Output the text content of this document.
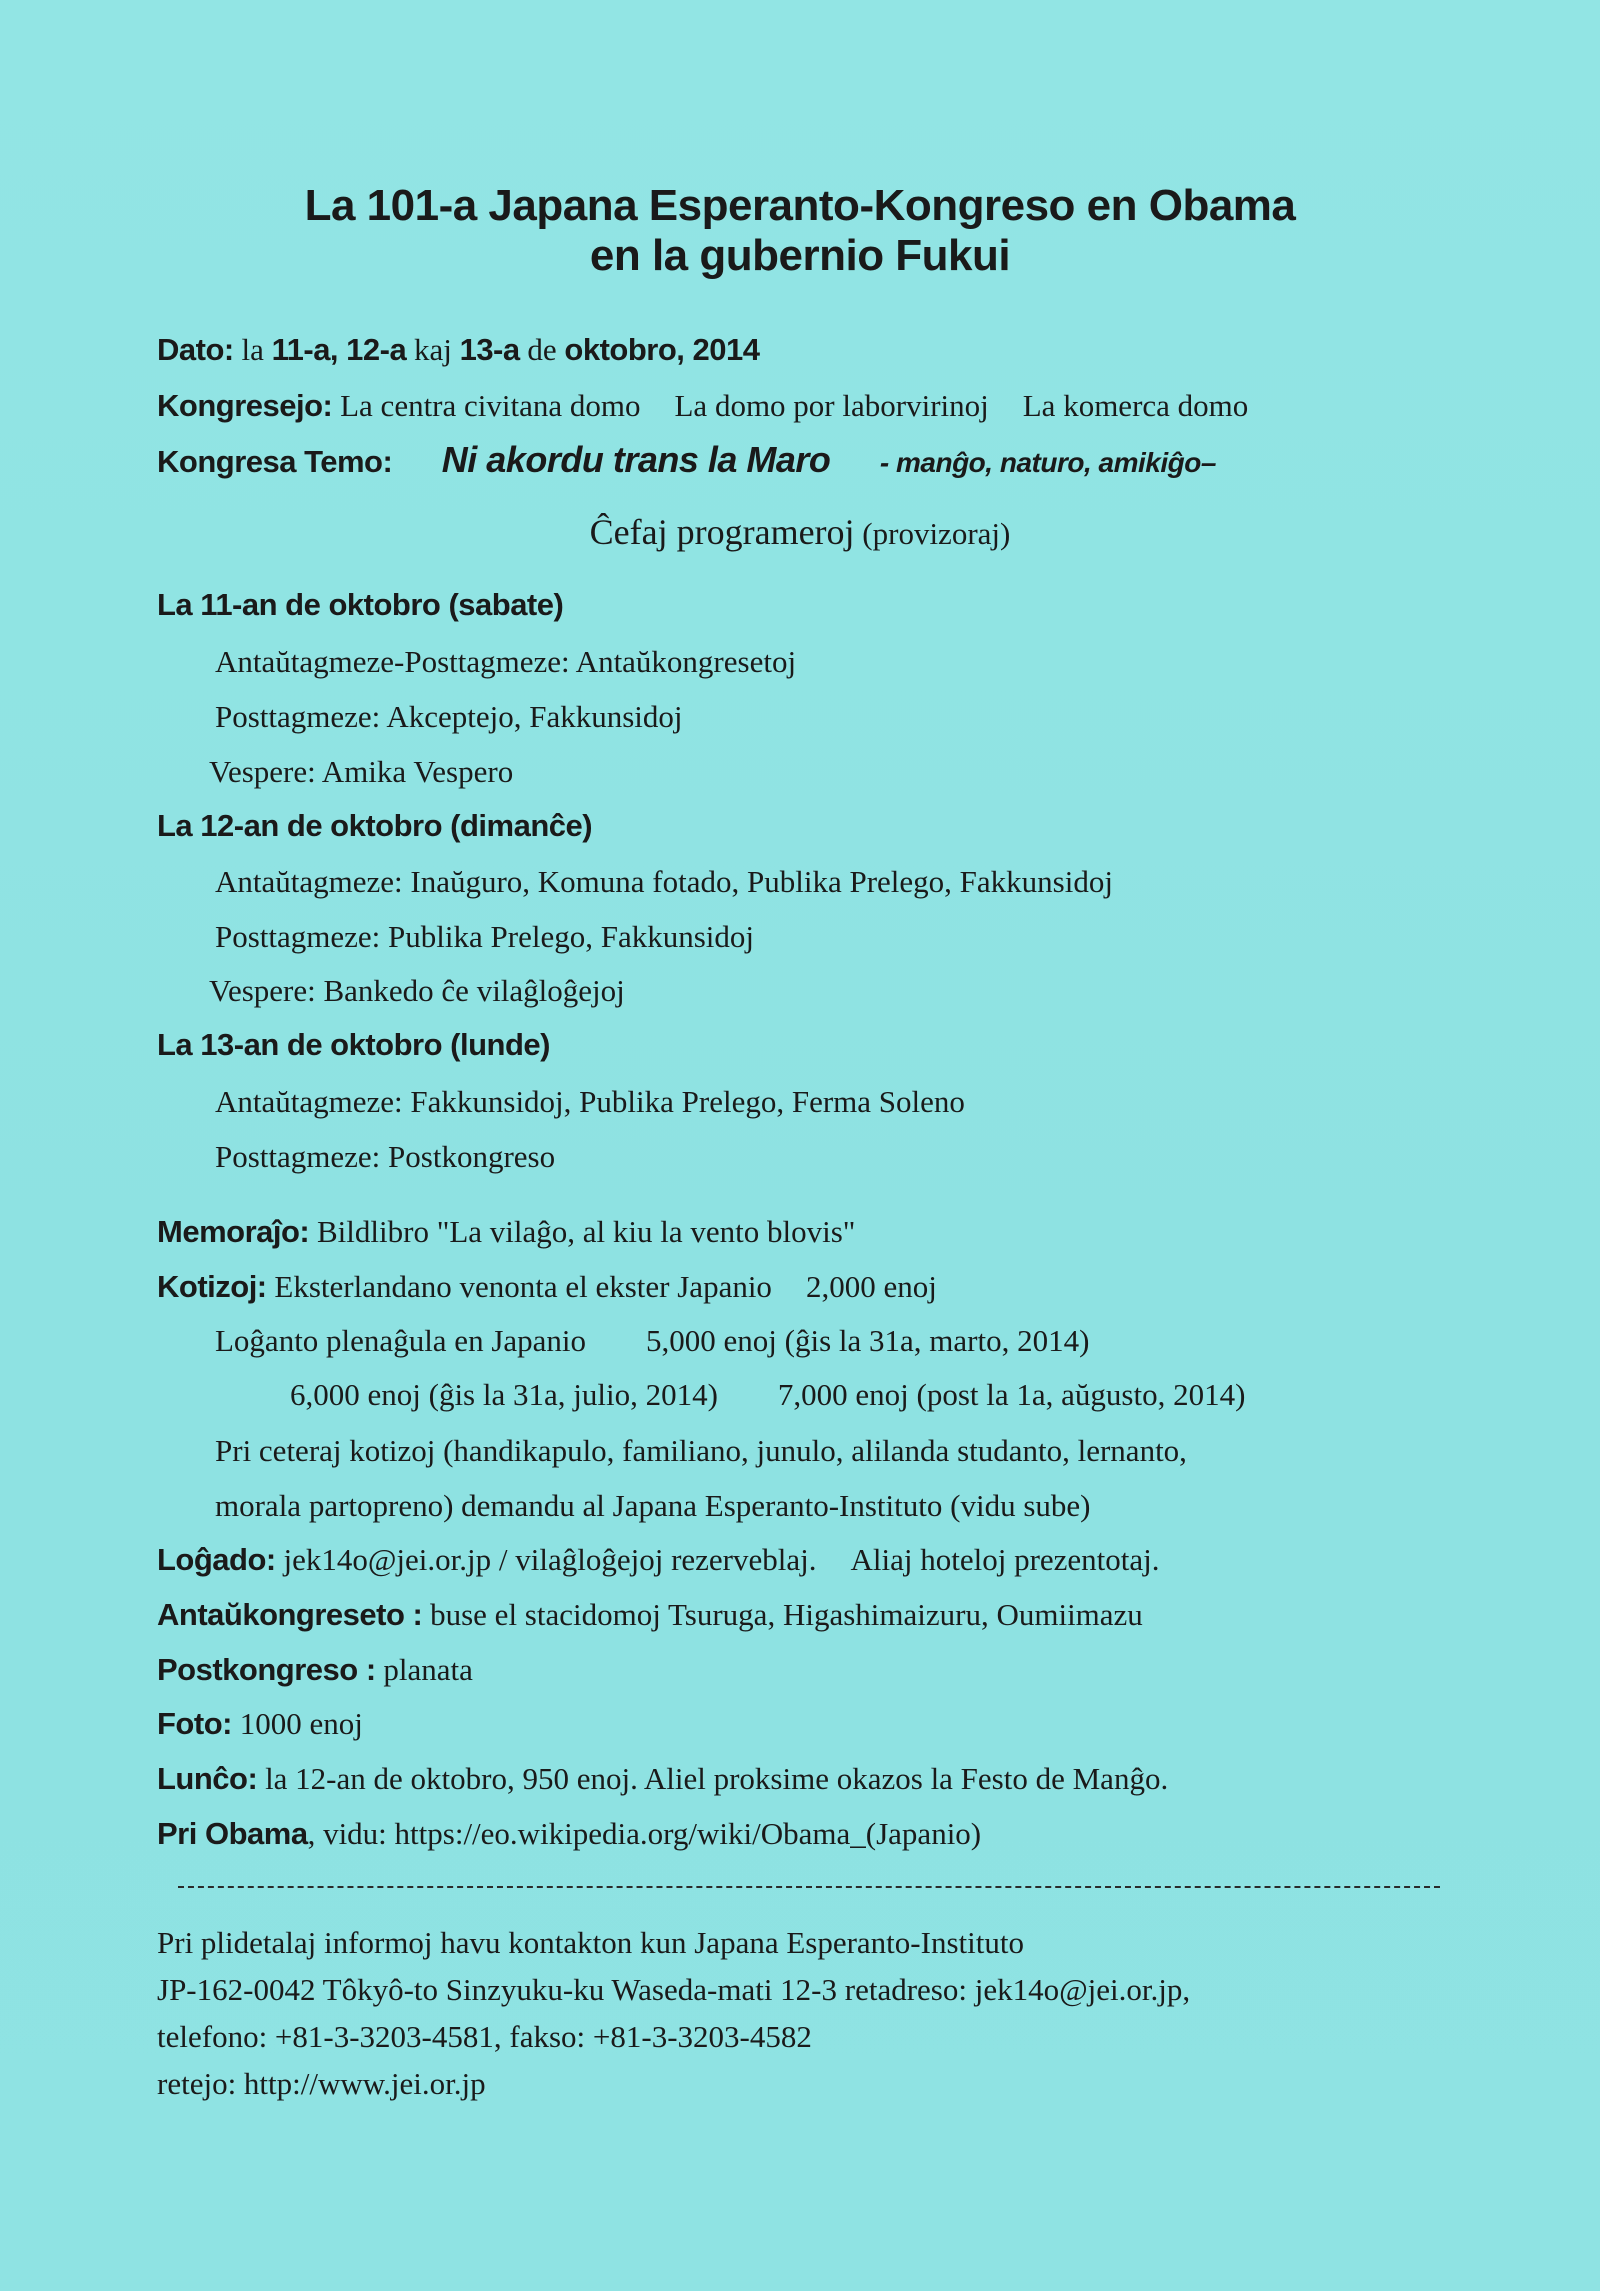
La 101-a Japana Esperanto-Kongreso en Obama
en la gubernio Fukui
Dato: la 11-a, 12-a kaj 13-a de oktobro, 2014
Kongresejo: La centra civitana domo La domo por laborvirinoj La komerca domo
Kongresa Temo: Ni akordu trans la Maro - manĝo, naturo, amikiĝo–
Ĉefaj programeroj (provizoraj)
La 11-an de oktobro (sabate)
Antaŭtagmeze-Posttagmeze: Antaŭkongresetoj
Posttagmeze: Akceptejo, Fakkunsidoj
Vespere: Amika Vespero
La 12-an de oktobro (dimanĉe)
Antaŭtagmeze: Inaŭguro, Komuna fotado, Publika Prelego, Fakkunsidoj
Posttagmeze: Publika Prelego, Fakkunsidoj
Vespere: Bankedo ĉe vilaĝloĝejoj
La 13-an de oktobro (lunde)
Antaŭtagmeze: Fakkunsidoj, Publika Prelego, Ferma Soleno
Posttagmeze: Postkongreso
Memoraĵo: Bildlibro "La vilaĝo, al kiu la vento blovis"
Kotizoj: Eksterlandano venonta el ekster Japanio 2,000 enoj
Loĝanto plenaĝula en Japanio 5,000 enoj (ĝis la 31a, marto, 2014)
6,000 enoj (ĝis la 31a, julio, 2014) 7,000 enoj (post la 1a, aŭgusto, 2014)
Pri ceteraj kotizoj (handikapulo, familiano, junulo, alilanda studanto, lernanto,
morala partopreno) demandu al Japana Esperanto-Instituto (vidu sube)
Loĝado: jek14o@jei.or.jp / vilaĝloĝejoj rezerveblaj. Aliaj hoteloj prezentotaj.
Antaŭkongreseto : buse el stacidomoj Tsuruga, Higashimaizuru, Oumiimazu
Postkongreso : planata
Foto: 1000 enoj
Lunĉo: la 12-an de oktobro, 950 enoj. Aliel proksime okazos la Festo de Manĝo.
Pri Obama, vidu: https://eo.wikipedia.org/wiki/Obama_(Japanio)
Pri plidetalaj informoj havu kontakton kun Japana Esperanto-Instituto
JP-162-0042 Tôkyô-to Sinzyuku-ku Waseda-mati 12-3 retadreso: jek14o@jei.or.jp,
telefono: +81-3-3203-4581, fakso: +81-3-3203-4582
retejo: http://www.jei.or.jp
